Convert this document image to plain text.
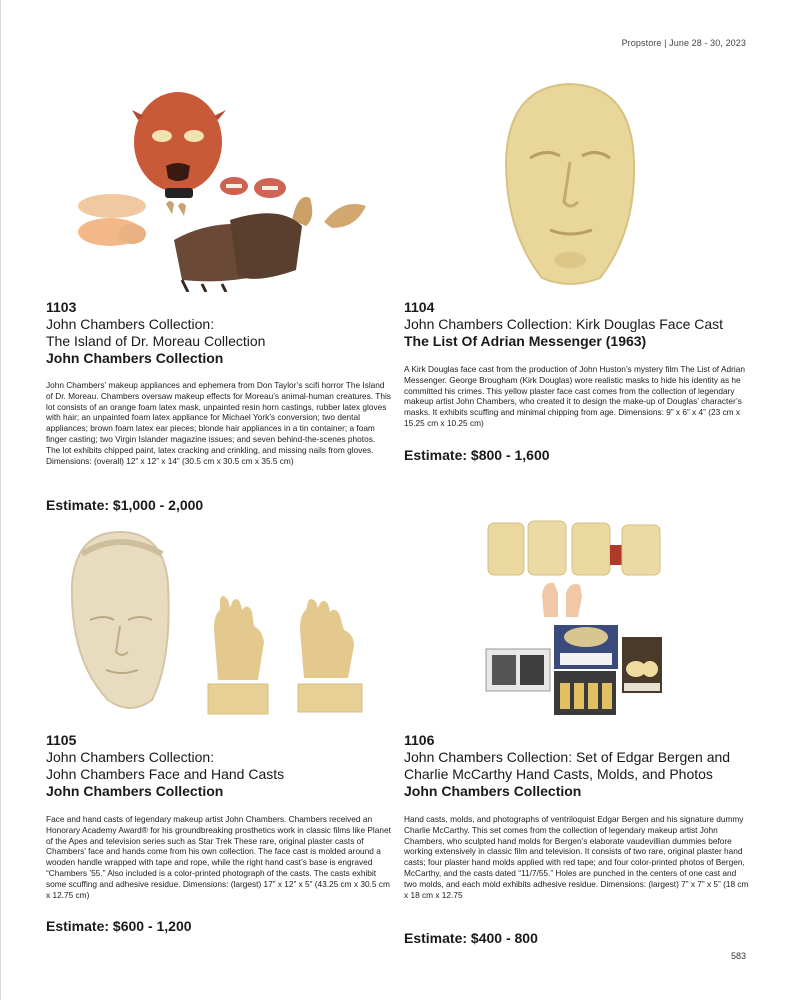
Propstore | June 28 - 30, 2023
1103
John Chambers Collection:
The Island of Dr. Moreau Collection
John Chambers Collection
John Chambers’ makeup appliances and ephemera from Don Taylor’s scifi horror The Island of Dr. Moreau. Chambers oversaw makeup effects for Moreau’s animal-human creatures. This lot consists of an orange foam latex mask, unpainted resin horn castings, rubber latex gloves with hair; an unpainted foam latex appliance for Michael York’s conversion; two dental appliances; brown foam latex ear pieces; blonde hair appliances in a tin container; a foam finger casting; two Virgin Islander magazine issues; and seven behind-the-scenes photos. The lot exhibits chipped paint, latex cracking and crinkling, and missing nails from gloves. Dimensions: (overall) 12” x 12” x 14” (30.5 cm x 30.5 cm x 35.5 cm)
Estimate: $1,000 - 2,000
1104
John Chambers Collection: Kirk Douglas Face Cast
The List Of Adrian Messenger (1963)
A Kirk Douglas face cast from the production of John Huston’s mystery film The List of Adrian Messenger. George Brougham (Kirk Douglas) wore realistic masks to hide his identity as he committed his crimes. This yellow plaster face cast comes from the collection of legendary makeup artist John Chambers, who created it to design the make-up of Douglas’ character’s masks. It exhibits scuffing and minimal chipping from age. Dimensions: 9” x 6” x 4” (23 cm x 15.25 cm x 10.25 cm)
Estimate: $800 - 1,600
1105
John Chambers Collection:
John Chambers Face and Hand Casts
John Chambers Collection
Face and hand casts of legendary makeup artist John Chambers. Chambers received an Honorary Academy Award® for his groundbreaking prosthetics work in classic films like Planet of the Apes and television series such as Star Trek These rare, original plaster casts of Chambers’ face and hands come from his own collection. The face cast is molded around a wooden handle wrapped with tape and rope, while the right hand cast’s base is engraved “Chambers ’55.” Also included is a color-printed photograph of the casts. The casts exhibit some scuffing and adhesive residue. Dimensions: (largest) 17” x 12” x 5” (43.25 cm x 30.5 cm x 12.75 cm)
Estimate: $600 - 1,200
1106
John Chambers Collection: Set of Edgar Bergen and
Charlie McCarthy Hand Casts, Molds, and Photos
John Chambers Collection
Hand casts, molds, and photographs of ventriloquist Edgar Bergen and his signature dummy Charlie McCarthy. This set comes from the collection of legendary makeup artist John Chambers, who sculpted hand molds for Bergen’s elaborate vaudevillian dummies before working extensively in classic film and television. It consists of two rare, original plaster hand casts; four plaster hand molds applied with red tape; and four color-printed photos of Bergen, McCarthy, and the casts dated “11/7/55.” Holes are punched in the centers of one cast and two molds, and each mold exhibits adhesive residue. Dimensions: (largest) 7” x 7” x 5” (18 cm x 18 cm x 12.75
Estimate: $400 - 800
583
